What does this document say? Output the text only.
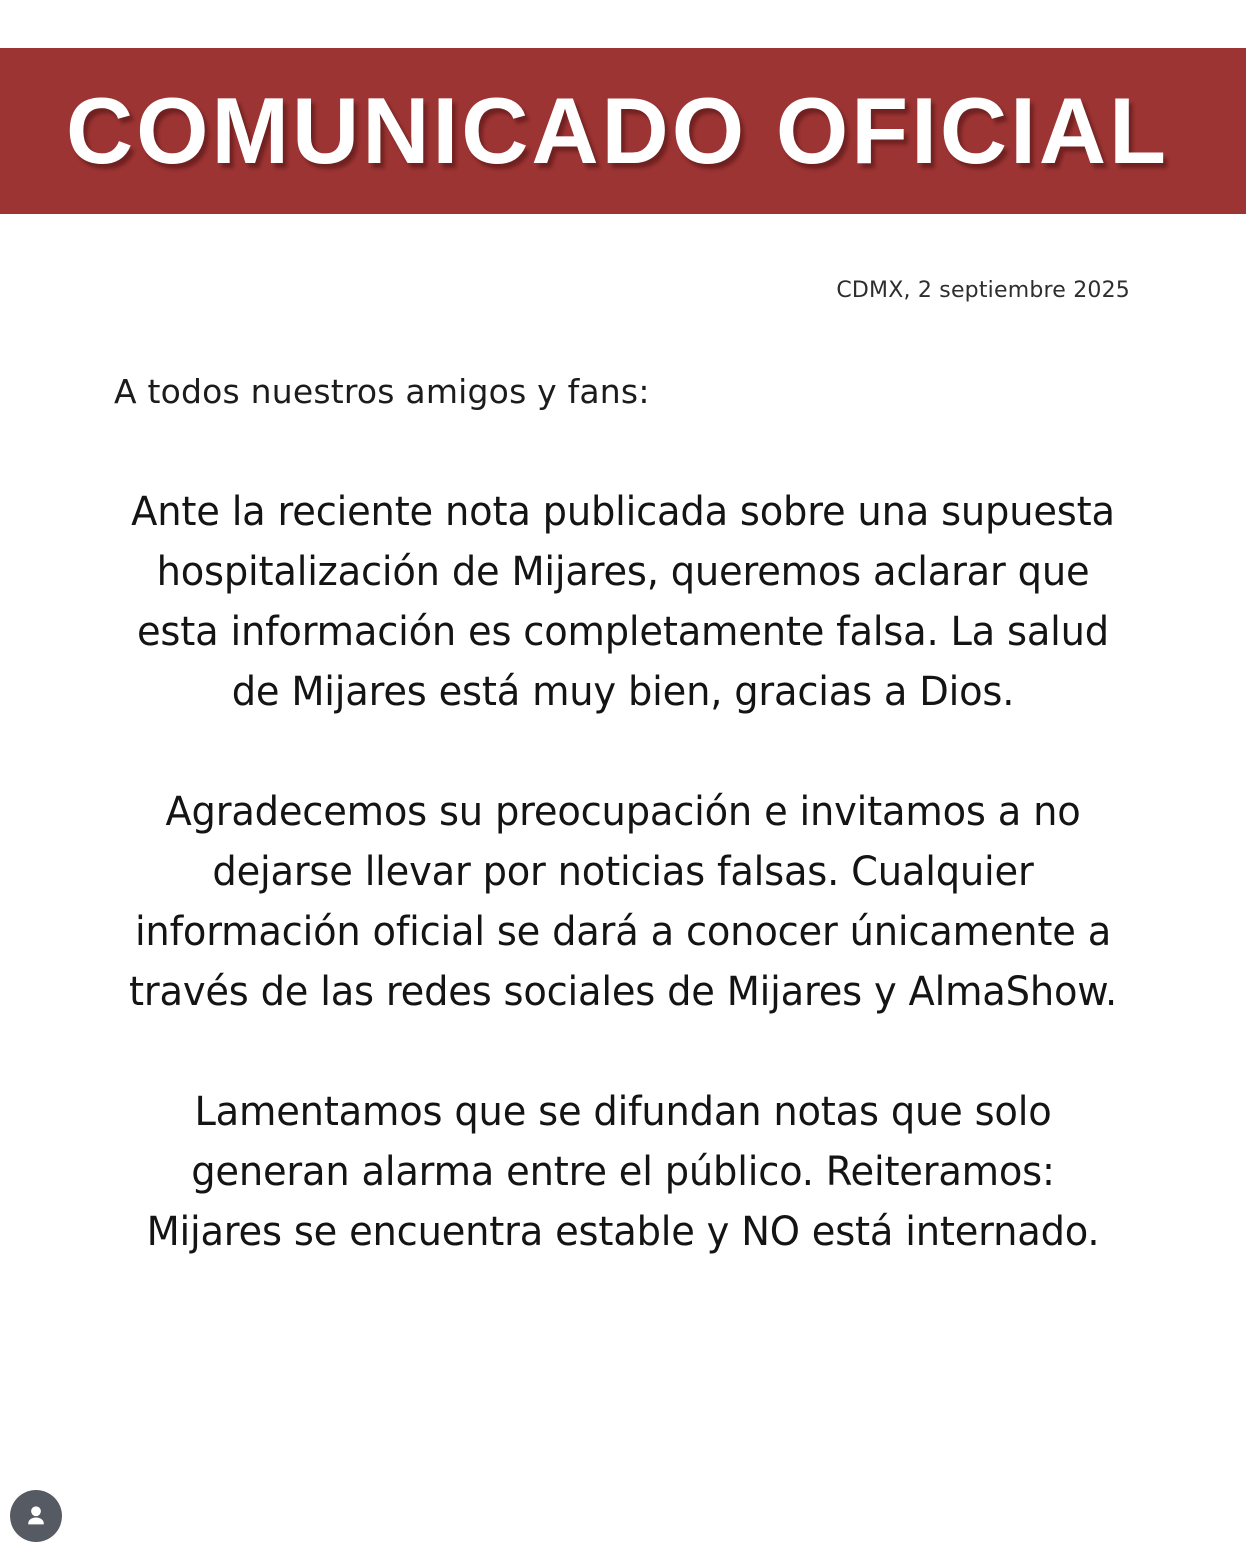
COMUNICADO OFICIAL
CDMX, 2 septiembre 2025
A todos nuestros amigos y fans:

Ante la reciente nota publicada sobre una supuesta
hospitalización de Mijares, queremos aclarar que
esta información es completamente falsa. La salud
de Mijares está muy bien, gracias a Dios.

Agradecemos su preocupación e invitamos a no
dejarse llevar por noticias falsas. Cualquier
información oficial se dará a conocer únicamente a
través de las redes sociales de Mijares y AlmaShow.

Lamentamos que se difundan notas que solo
generan alarma entre el público. Reiteramos:
Mijares se encuentra estable y NO está internado.
